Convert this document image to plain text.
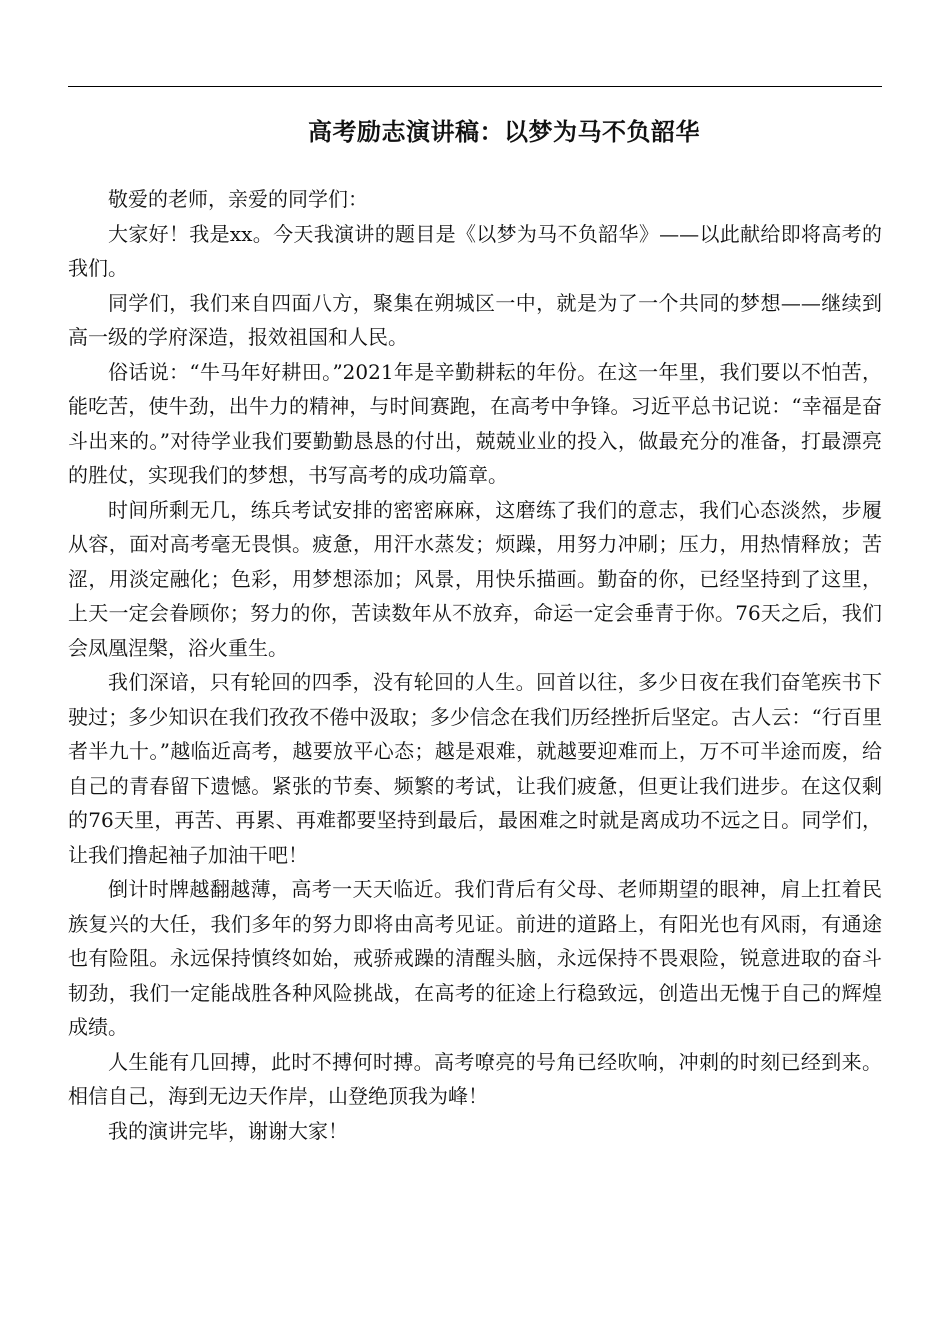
高考励志演讲稿：以梦为马不负韶华

敬爱的老师，亲爱的同学们：

大家好！我是xx。今天我演讲的题目是《以梦为马不负韶华》——以此献给即将高考的我们。

同学们，我们来自四面八方，聚集在朔城区一中，就是为了一个共同的梦想——继续到高一级的学府深造，报效祖国和人民。

俗话说：“牛马年好耕田。”2021年是辛勤耕耘的年份。在这一年里，我们要以不怕苦，能吃苦，使牛劲，出牛力的精神，与时间赛跑，在高考中争锋。习近平总书记说：“幸福是奋斗出来的。”对待学业我们要勤勤恳恳的付出，兢兢业业的投入，做最充分的准备，打最漂亮的胜仗，实现我们的梦想，书写高考的成功篇章。

时间所剩无几，练兵考试安排的密密麻麻，这磨练了我们的意志，我们心态淡然，步履从容，面对高考毫无畏惧。疲惫，用汗水蒸发；烦躁，用努力冲刷；压力，用热情释放；苦涩，用淡定融化；色彩，用梦想添加；风景，用快乐描画。勤奋的你，已经坚持到了这里，上天一定会眷顾你；努力的你，苦读数年从不放弃，命运一定会垂青于你。76天之后，我们会凤凰涅槃，浴火重生。

我们深谙，只有轮回的四季，没有轮回的人生。回首以往，多少日夜在我们奋笔疾书下驶过；多少知识在我们孜孜不倦中汲取；多少信念在我们历经挫折后坚定。古人云：“行百里者半九十。”越临近高考，越要放平心态；越是艰难，就越要迎难而上，万不可半途而废，给自己的青春留下遗憾。紧张的节奏、频繁的考试，让我们疲惫，但更让我们进步。在这仅剩的76天里，再苦、再累、再难都要坚持到最后，最困难之时就是离成功不远之日。同学们，让我们撸起袖子加油干吧！

倒计时牌越翻越薄，高考一天天临近。我们背后有父母、老师期望的眼神，肩上扛着民族复兴的大任，我们多年的努力即将由高考见证。前进的道路上，有阳光也有风雨，有通途也有险阻。永远保持慎终如始，戒骄戒躁的清醒头脑，永远保持不畏艰险，锐意进取的奋斗韧劲，我们一定能战胜各种风险挑战，在高考的征途上行稳致远，创造出无愧于自己的辉煌成绩。

人生能有几回搏，此时不搏何时搏。高考嘹亮的号角已经吹响，冲刺的时刻已经到来。相信自己，海到无边天作岸，山登绝顶我为峰！

我的演讲完毕，谢谢大家！
